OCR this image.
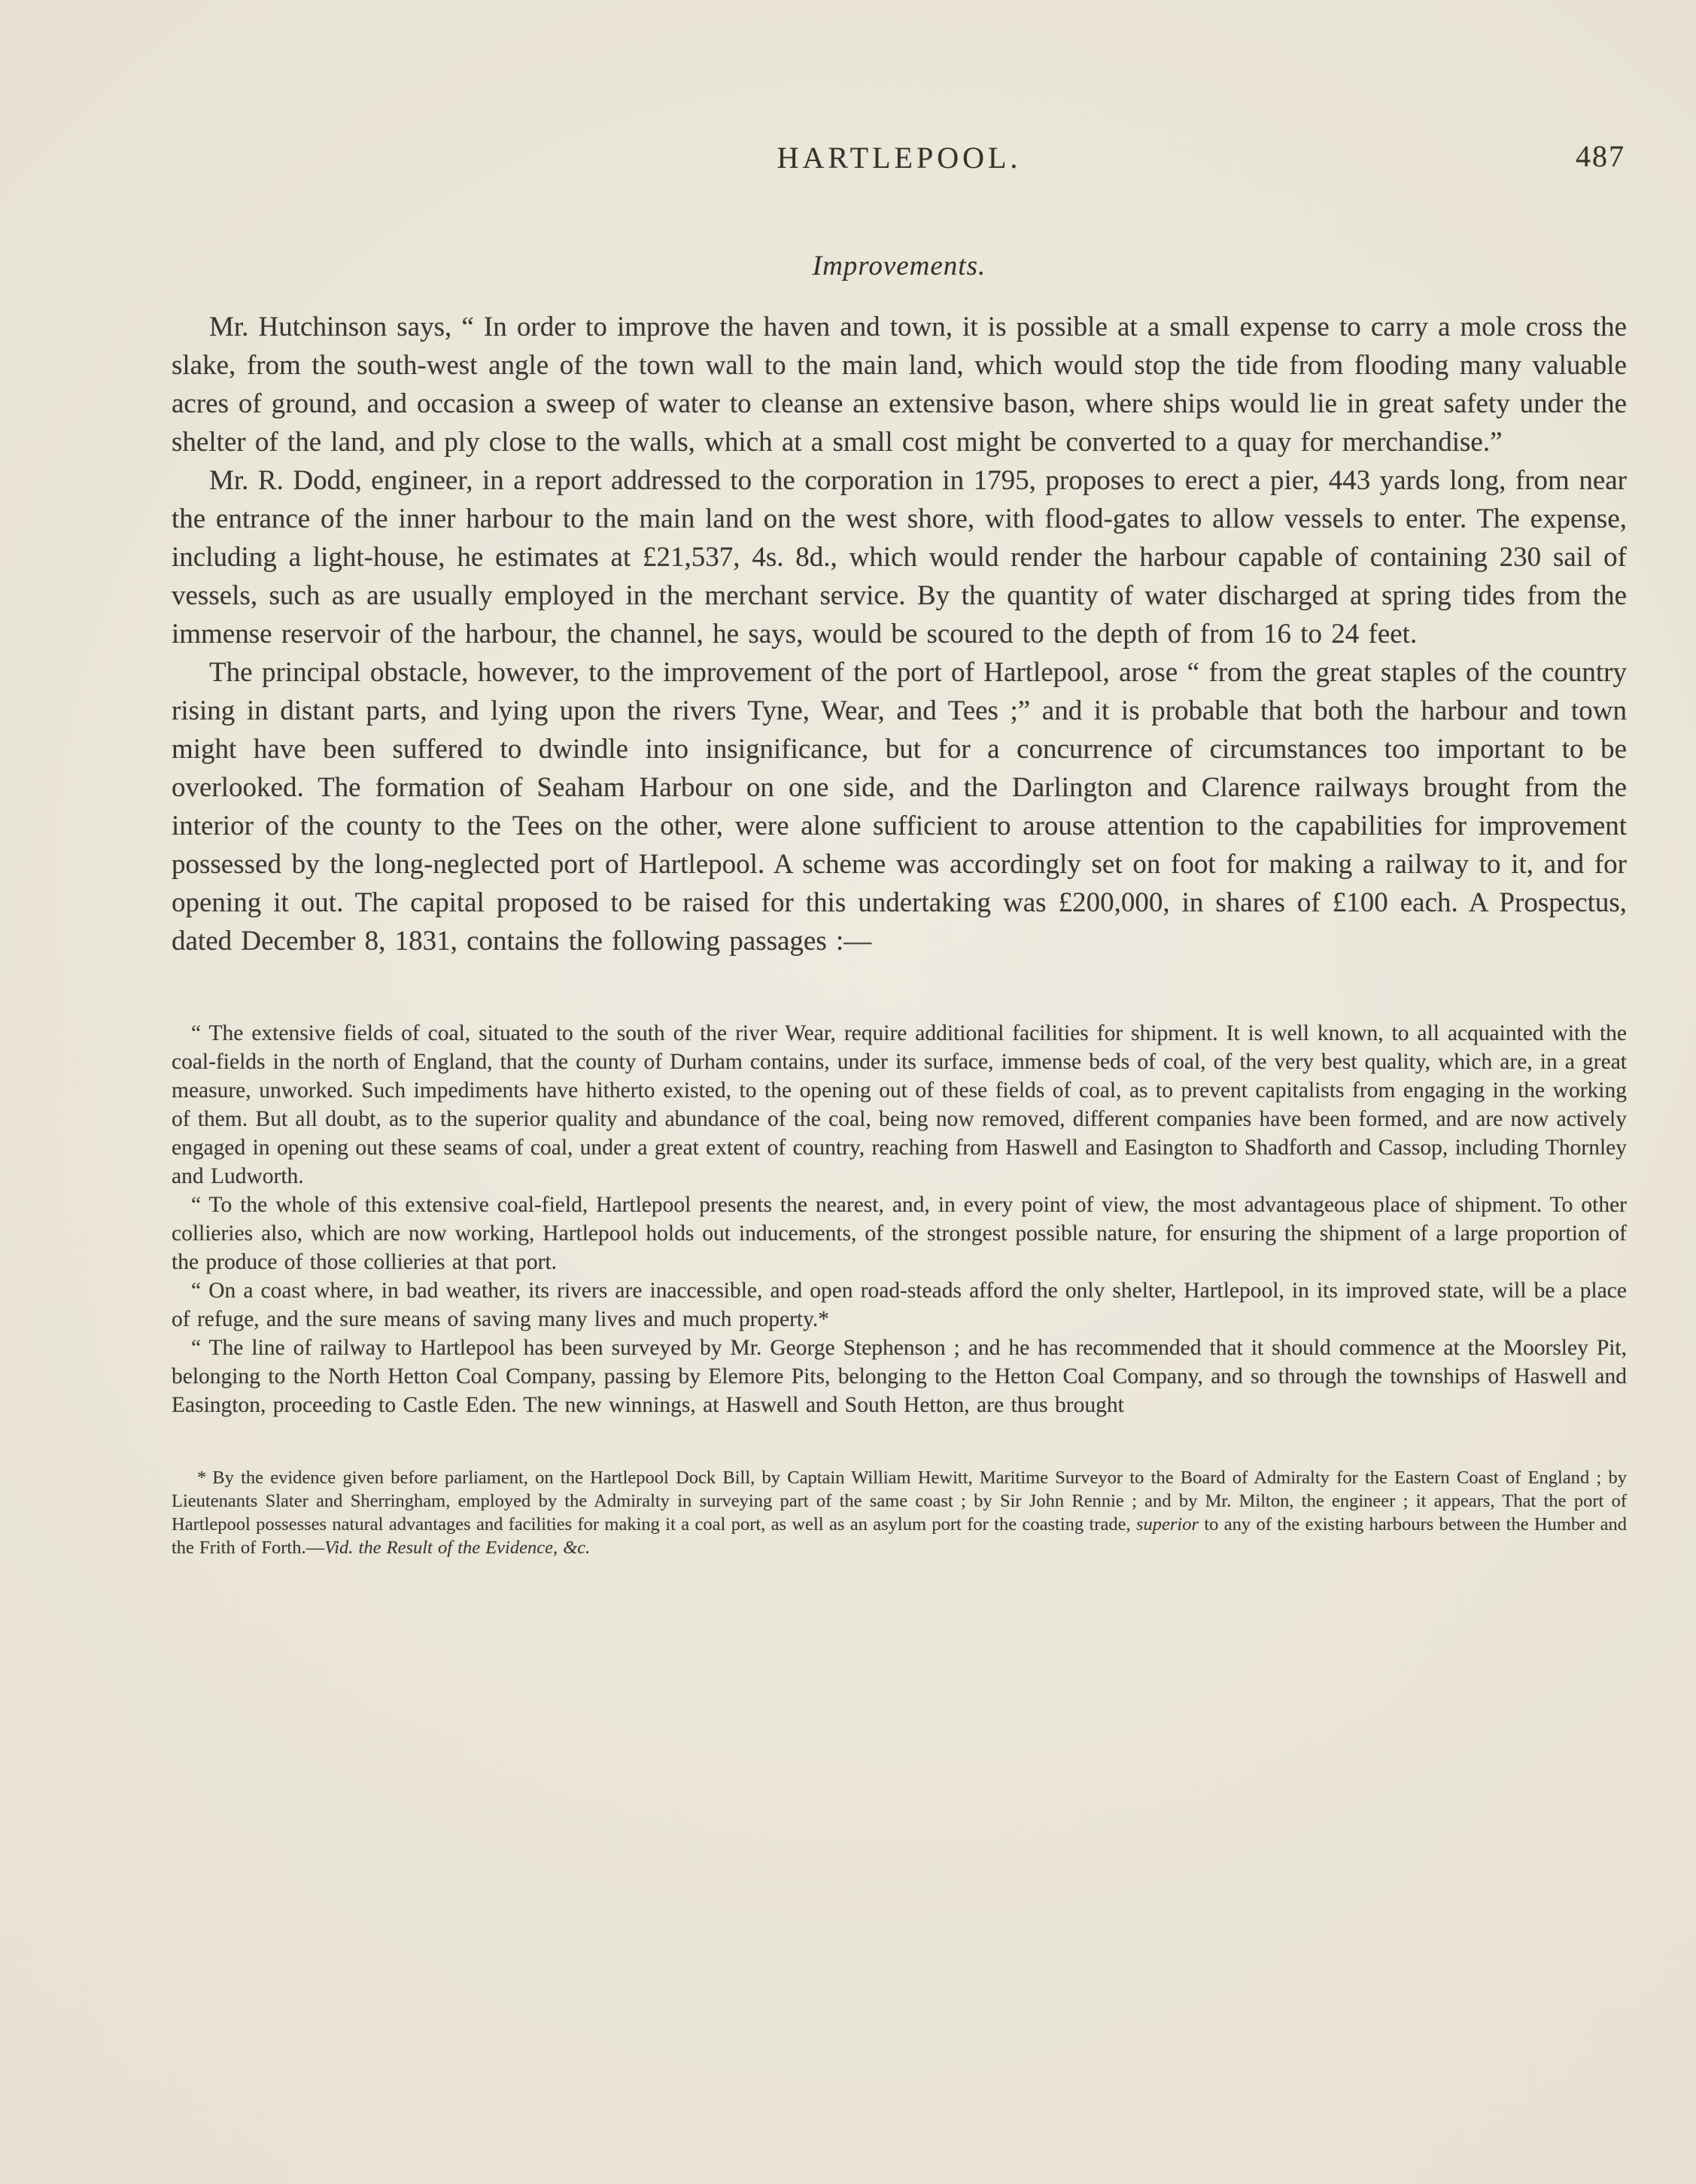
HARTLEPOOL.	487
Improvements.

Mr. Hutchinson says, “ In order to improve the haven and town, it is possible at a small expense to carry a mole cross the slake, from the south-west angle of the town wall to the main land, which would stop the tide from flooding many valuable acres of ground, and occasion a sweep of water to cleanse an extensive bason, where ships would lie in great safety under the shelter of the land, and ply close to the walls, which at a small cost might be converted to a quay for merchandise.”

Mr. R. Dodd, engineer, in a report addressed to the corporation in 1795, proposes to erect a pier, 443 yards long, from near the entrance of the inner harbour to the main land on the west shore, with flood-gates to allow vessels to enter. The expense, including a light-house, he estimates at £21,537, 4s. 8d., which would render the harbour capable of containing 230 sail of vessels, such as are usually employed in the merchant service. By the quantity of water discharged at spring tides from the immense reservoir of the harbour, the channel, he says, would be scoured to the depth of from 16 to 24 feet.

The principal obstacle, however, to the improvement of the port of Hartlepool, arose “ from the great staples of the country rising in distant parts, and lying upon the rivers Tyne, Wear, and Tees ;” and it is probable that both the harbour and town might have been suffered to dwindle into insignificance, but for a concurrence of circumstances too important to be overlooked. The formation of Seaham Harbour on one side, and the Darlington and Clarence railways brought from the interior of the county to the Tees on the other, were alone sufficient to arouse attention to the capabilities for improvement possessed by the long-neglected port of Hartlepool. A scheme was accordingly set on foot for making a railway to it, and for opening it out. The capital proposed to be raised for this undertaking was £200,000, in shares of £100 each. A Prospectus, dated December 8, 1831, contains the following passages :—

“ The extensive fields of coal, situated to the south of the river Wear, require additional facilities for shipment. It is well known, to all acquainted with the coal-fields in the north of England, that the county of Durham contains, under its surface, immense beds of coal, of the very best quality, which are, in a great measure, unworked. Such impediments have hitherto existed, to the opening out of these fields of coal, as to prevent capitalists from engaging in the working of them. But all doubt, as to the superior quality and abundance of the coal, being now removed, different companies have been formed, and are now actively engaged in opening out these seams of coal, under a great extent of country, reaching from Haswell and Easington to Shadforth and Cassop, including Thornley and Ludworth.

“ To the whole of this extensive coal-field, Hartlepool presents the nearest, and, in every point of view, the most advantageous place of shipment. To other collieries also, which are now working, Hartlepool holds out inducements, of the strongest possible nature, for ensuring the shipment of a large proportion of the produce of those collieries at that port.

“ On a coast where, in bad weather, its rivers are inaccessible, and open road-steads afford the only shelter, Hartlepool, in its improved state, will be a place of refuge, and the sure means of saving many lives and much property.*

“ The line of railway to Hartlepool has been surveyed by Mr. George Stephenson ; and he has recommended that it should commence at the Moorsley Pit, belonging to the North Hetton Coal Company, passing by Elemore Pits, belonging to the Hetton Coal Company, and so through the townships of Haswell and Easington, proceeding to Castle Eden. The new winnings, at Haswell and South Hetton, are thus brought

* By the evidence given before parliament, on the Hartlepool Dock Bill, by Captain William Hewitt, Maritime Surveyor to the Board of Admiralty for the Eastern Coast of England ; by Lieutenants Slater and Sherringham, employed by the Admiralty in surveying part of the same coast ; by Sir John Rennie ; and by Mr. Milton, the engineer ; it appears, That the port of Hartlepool possesses natural advantages and facilities for making it a coal port, as well as an asylum port for the coasting trade, superior to any of the existing harbours between the Humber and the Frith of Forth.—Vid. the Result of the Evidence, &c.
